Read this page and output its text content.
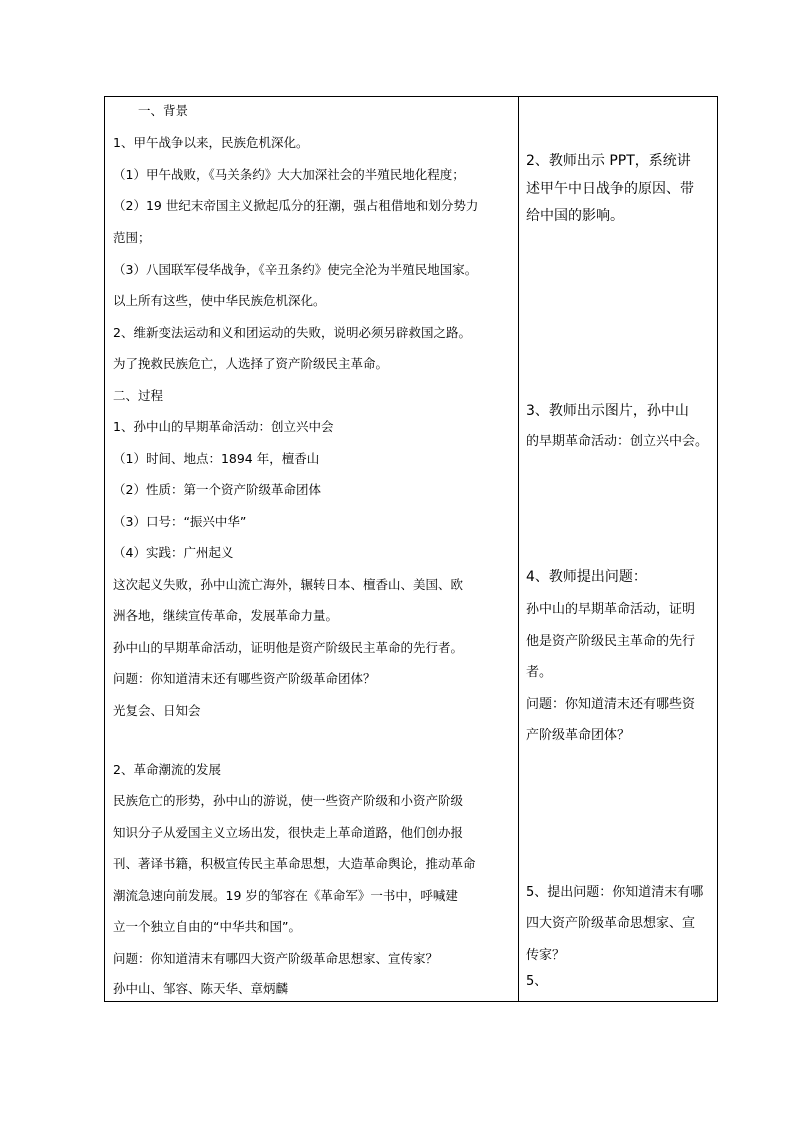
一、背景
1、甲午战争以来，民族危机深化。
（1）甲午战败，《马关条约》大大加深社会的半殖民地化程度；
（2）19 世纪末帝国主义掀起瓜分的狂潮，强占租借地和划分势力
范围；
（3）八国联军侵华战争，《辛丑条约》使完全沦为半殖民地国家。
以上所有这些，使中华民族危机深化。
2、维新变法运动和义和团运动的失败，说明必须另辟救国之路。
为了挽救民族危亡，人选择了资产阶级民主革命。
二、过程
1、孙中山的早期革命活动：创立兴中会
（1）时间、地点：1894 年，檀香山
（2）性质：第一个资产阶级革命团体
（3）口号：“振兴中华”
（4）实践：广州起义
这次起义失败，孙中山流亡海外，辗转日本、檀香山、美国、欧
洲各地，继续宣传革命，发展革命力量。
孙中山的早期革命活动，证明他是资产阶级民主革命的先行者。
问题：你知道清末还有哪些资产阶级革命团体？
光复会、日知会
2、革命潮流的发展
民族危亡的形势，孙中山的游说，使一些资产阶级和小资产阶级
知识分子从爱国主义立场出发，很快走上革命道路，他们创办报
刊、著译书籍，积极宣传民主革命思想，大造革命舆论，推动革命
潮流急速向前发展。19 岁的邹容在《革命军》一书中，呼喊建
立一个独立自由的“中华共和国”。
问题：你知道清末有哪四大资产阶级革命思想家、宣传家？
孙中山、邹容、陈天华、章炳麟
2、教师出示 PPT，系统讲
述甲午中日战争的原因、带
给中国的影响。
3、教师出示图片，孙中山
的早期革命活动：创立兴中会。
4、教师提出问题：
孙中山的早期革命活动，证明
他是资产阶级民主革命的先行
者。
问题：你知道清末还有哪些资
产阶级革命团体？
5、提出问题：你知道清末有哪
四大资产阶级革命思想家、宣
传家？
5、
